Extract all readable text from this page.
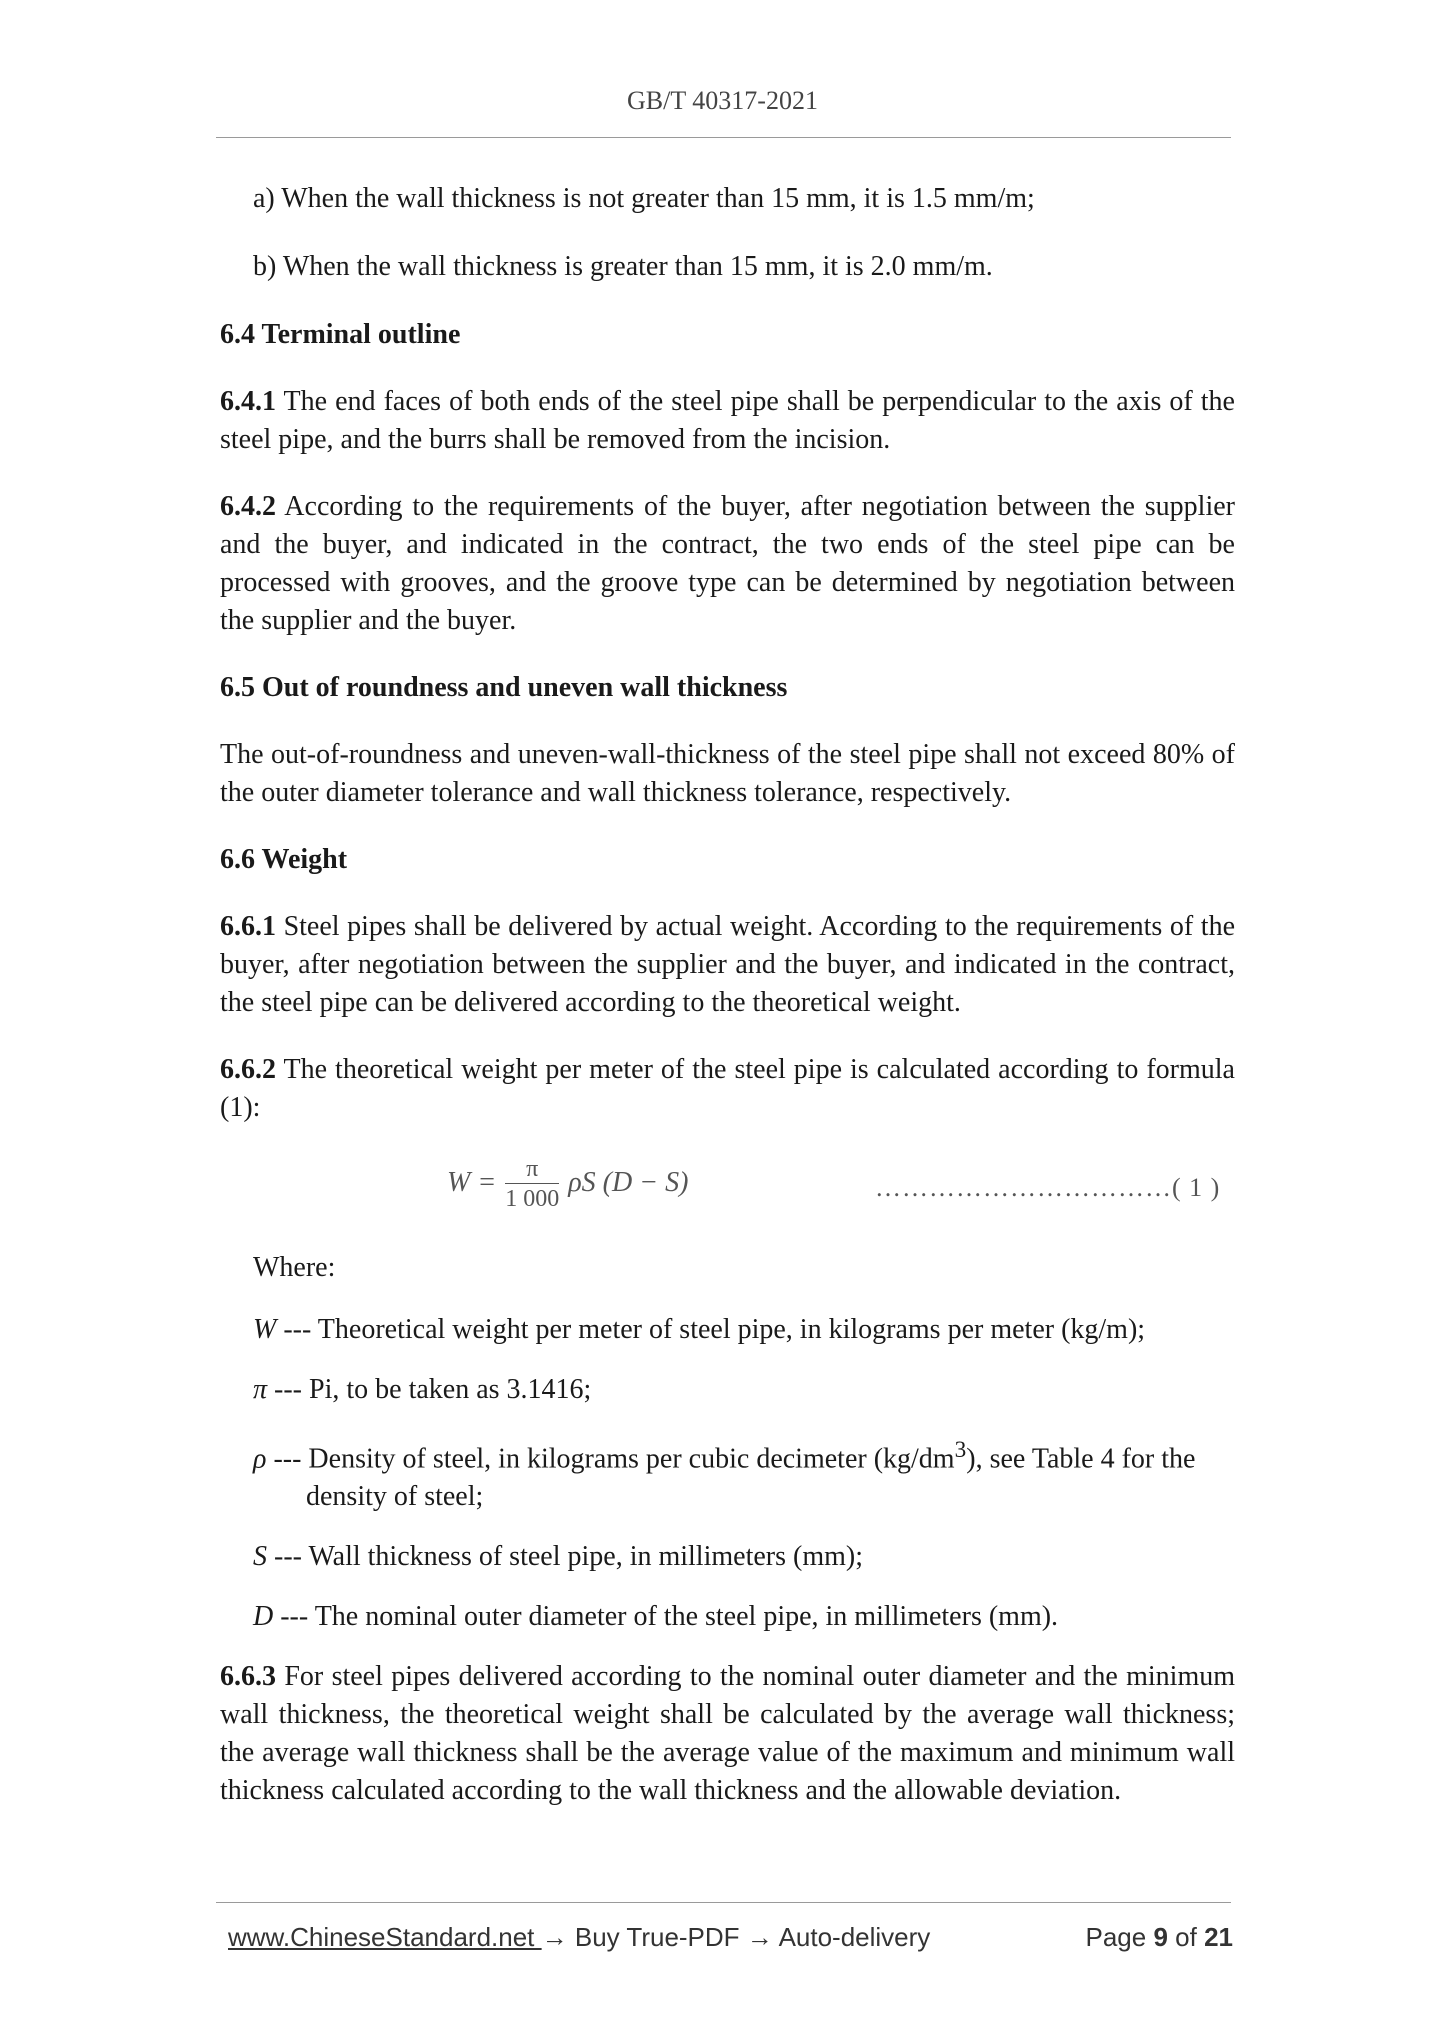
GB/T 40317-2021

a) When the wall thickness is not greater than 15 mm, it is 1.5 mm/m;

b) When the wall thickness is greater than 15 mm, it is 2.0 mm/m.

6.4 Terminal outline

6.4.1 The end faces of both ends of the steel pipe shall be perpendicular to the axis of the steel pipe, and the burrs shall be removed from the incision.

6.4.2 According to the requirements of the buyer, after negotiation between the supplier and the buyer, and indicated in the contract, the two ends of the steel pipe can be processed with grooves, and the groove type can be determined by negotiation between the supplier and the buyer.

6.5 Out of roundness and uneven wall thickness

The out-of-roundness and uneven-wall-thickness of the steel pipe shall not exceed 80% of the outer diameter tolerance and wall thickness tolerance, respectively.

6.6 Weight

6.6.1 Steel pipes shall be delivered by actual weight. According to the requirements of the buyer, after negotiation between the supplier and the buyer, and indicated in the contract, the steel pipe can be delivered according to the theoretical weight.

6.6.2 The theoretical weight per meter of the steel pipe is calculated according to formula (1):

$W = \frac{\pi}{1 000}$ ρS (D − S)	……………………………( 1 )

Where:

W --- Theoretical weight per meter of steel pipe, in kilograms per meter (kg/m);

π --- Pi, to be taken as 3.1416;

ρ --- Density of steel, in kilograms per cubic decimeter $(kg/dm^3)$, see Table 4 for the density of steel;

S --- Wall thickness of steel pipe, in millimeters (mm);

D --- The nominal outer diameter of the steel pipe, in millimeters (mm).

6.6.3 For steel pipes delivered according to the nominal outer diameter and the minimum wall thickness, the theoretical weight shall be calculated by the average wall thickness; the average wall thickness shall be the average value of the maximum and minimum wall thickness calculated according to the wall thickness and the allowable deviation.

www.ChineseStandard.net → Buy True-PDF → Auto-delivery	Page 9 of 21
